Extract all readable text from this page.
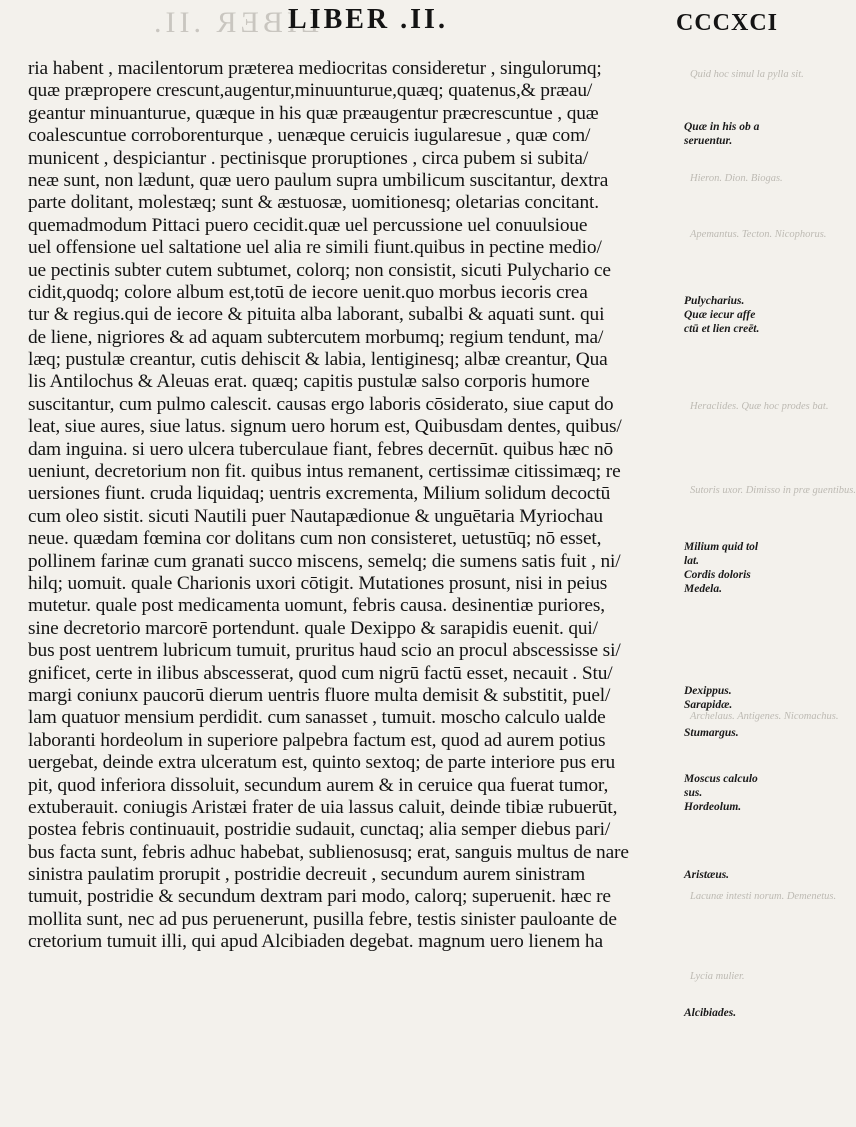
LIBER .II.
LIBER .II.	CCCXCI
ria habent , macilentorum præterea mediocritas consideretur , singulorumq;
quæ præpropere crescunt,augentur,minuunturue,quæq; quatenus,& præau/
geantur minuanturue, quæque in his quæ præaugentur præcrescuntue , quæ
coalescuntue corroborenturque , uenæque ceruicis iugularesue , quæ com/
municent , despiciantur . pectinisque proruptiones , circa pubem si subita/
neæ sunt, non lædunt, quæ uero paulum supra umbilicum suscitantur, dextra
parte dolitant, molestæq; sunt & æstuosæ, uomitionesq; oletarias concitant.
quemadmodum Pittaci puero cecidit.quæ uel percussione uel conuulsioue
uel offensione uel saltatione uel alia re simili fiunt.quibus in pectine medio/
ue pectinis subter cutem subtumet, colorq; non consistit, sicuti Pulychario ce
cidit,quodq; colore album est,totū de iecore uenit.quo morbus iecoris crea
tur & regius.qui de iecore & pituita alba laborant, subalbi & aquati sunt. qui
de liene, nigriores & ad aquam subtercutem morbumq; regium tendunt, ma/
læq; pustulæ creantur, cutis dehiscit & labia, lentiginesq; albæ creantur, Qua
lis Antilochus & Aleuas erat. quæq; capitis pustulæ salso corporis humore
suscitantur, cum pulmo calescit. causas ergo laboris cōsiderato, siue caput do
leat, siue aures, siue latus. signum uero horum est, Quibusdam dentes, quibus/
dam inguina. si uero ulcera tuberculaue fiant, febres decernūt. quibus hæc nō
ueniunt, decretorium non fit. quibus intus remanent, certissimæ citissimæq; re
uersiones fiunt. cruda liquidaq; uentris excrementa, Milium solidum decoctū
cum oleo sistit. sicuti Nautili puer Nautapædionue & unguētaria Myriochau
neue. quædam fœmina cor dolitans cum non consisteret, uetustūq; nō esset,
pollinem farinæ cum granati succo miscens, semelq; die sumens satis fuit , ni/
hilq; uomuit. quale Charionis uxori cōtigit. Mutationes prosunt, nisi in peius
mutetur. quale post medicamenta uomunt, febris causa. desinentiæ puriores,
sine decretorio marcorē portendunt. quale Dexippo & sarapidis euenit. qui/
bus post uentrem lubricum tumuit, pruritus haud scio an procul abscessisse si/
gnificet, certe in ilibus abscesserat, quod cum nigrū factū esset, necauit . Stu/
margi coniunx paucorū dierum uentris fluore multa demisit & substitit, puel/
lam quatuor mensium perdidit. cum sanasset , tumuit. moscho calculo ualde
laboranti hordeolum in superiore palpebra factum est, quod ad aurem potius
uergebat, deinde extra ulceratum est, quinto sextoq; de parte interiore pus eru
pit, quod inferiora dissoluit, secundum aurem & in ceruice qua fuerat tumor,
extuberauit. coniugis Aristæi frater de uia lassus caluit, deinde tibiæ rubuerūt,
postea febris continuauit, postridie sudauit, cunctaq; alia semper diebus pari/
bus facta sunt, febris adhuc habebat, sublienosusq; erat, sanguis multus de nare
sinistra paulatim prorupit , postridie decreuit , secundum aurem sinistram
tumuit, postridie & secundum dextram pari modo, calorq; superuenit. hæc re
mollita sunt, nec ad pus peruenerunt, pusilla febre, testis sinister pauloante de
cretorium tumuit illi, qui apud Alcibiaden degebat. magnum uero lienem ha
Quid hoc simul la pylla sit.
Hieron. Dion. Biogas.
Apemantus. Tecton. Nicophorus.
Heraclides. Quæ hoc prodes bat.
Sutoris uxor. Dimisso in præ guentibus.
Archelaus. Antigenes. Nicomachus.
Lacunæ intesti norum. Demenetus.
Lycia mulier.
Quæ in his ob a
seruentur.
Pulycharius.
Quæ iecur affe
ctū et lien creēt.
Milium quid tol
lat.
Cordis doloris
Medela.
Dexippus.
Sarapidæ.
Stumargus.
Moscus calculo
sus.
Hordeolum.
Aristæus.
Alcibiades.
